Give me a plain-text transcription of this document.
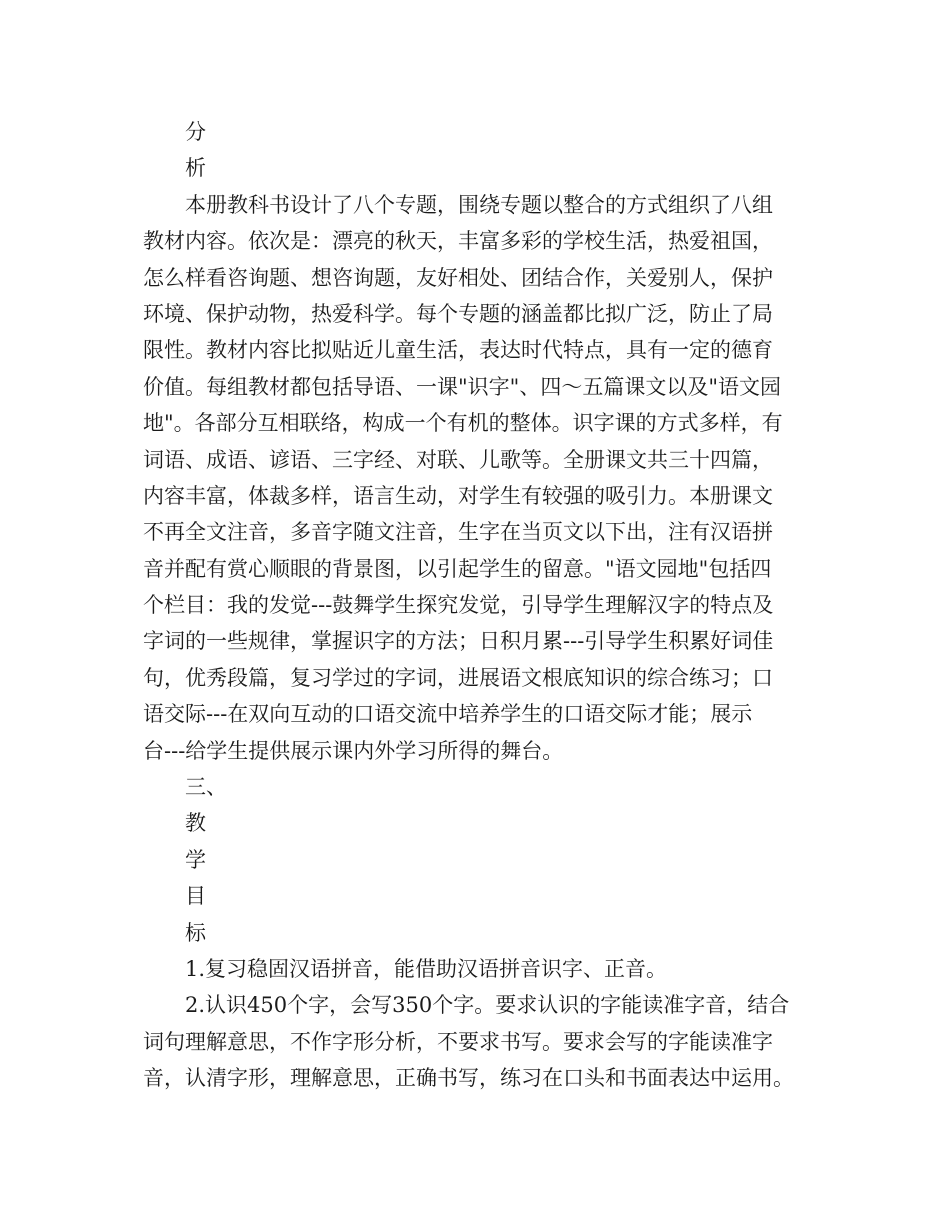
分
析
本册教科书设计了八个专题，围绕专题以整合的方式组织了八组
教材内容。依次是：漂亮的秋天，丰富多彩的学校生活，热爱祖国，
怎么样看咨询题、想咨询题，友好相处、团结合作，关爱别人，保护
环境、保护动物，热爱科学。每个专题的涵盖都比拟广泛，防止了局
限性。教材内容比拟贴近儿童生活，表达时代特点，具有一定的德育
价值。每组教材都包括导语、一课"识字"、四～五篇课文以及"语文园
地"。各部分互相联络，构成一个有机的整体。识字课的方式多样，有
词语、成语、谚语、三字经、对联、儿歌等。全册课文共三十四篇，
内容丰富，体裁多样，语言生动，对学生有较强的吸引力。本册课文
不再全文注音，多音字随文注音，生字在当页文以下出，注有汉语拼
音并配有赏心顺眼的背景图，以引起学生的留意。"语文园地"包括四
个栏目：我的发觉---鼓舞学生探究发觉，引导学生理解汉字的特点及
字词的一些规律，掌握识字的方法；日积月累---引导学生积累好词佳
句，优秀段篇，复习学过的字词，进展语文根底知识的综合练习；口
语交际---在双向互动的口语交流中培养学生的口语交际才能；展示
台---给学生提供展示课内外学习所得的舞台。
三、
教
学
目
标
1.复习稳固汉语拼音，能借助汉语拼音识字、正音。
2.认识450个字，会写350个字。要求认识的字能读准字音，结合
词句理解意思，不作字形分析，不要求书写。要求会写的字能读准字
音，认清字形，理解意思，正确书写，练习在口头和书面表达中运用。
